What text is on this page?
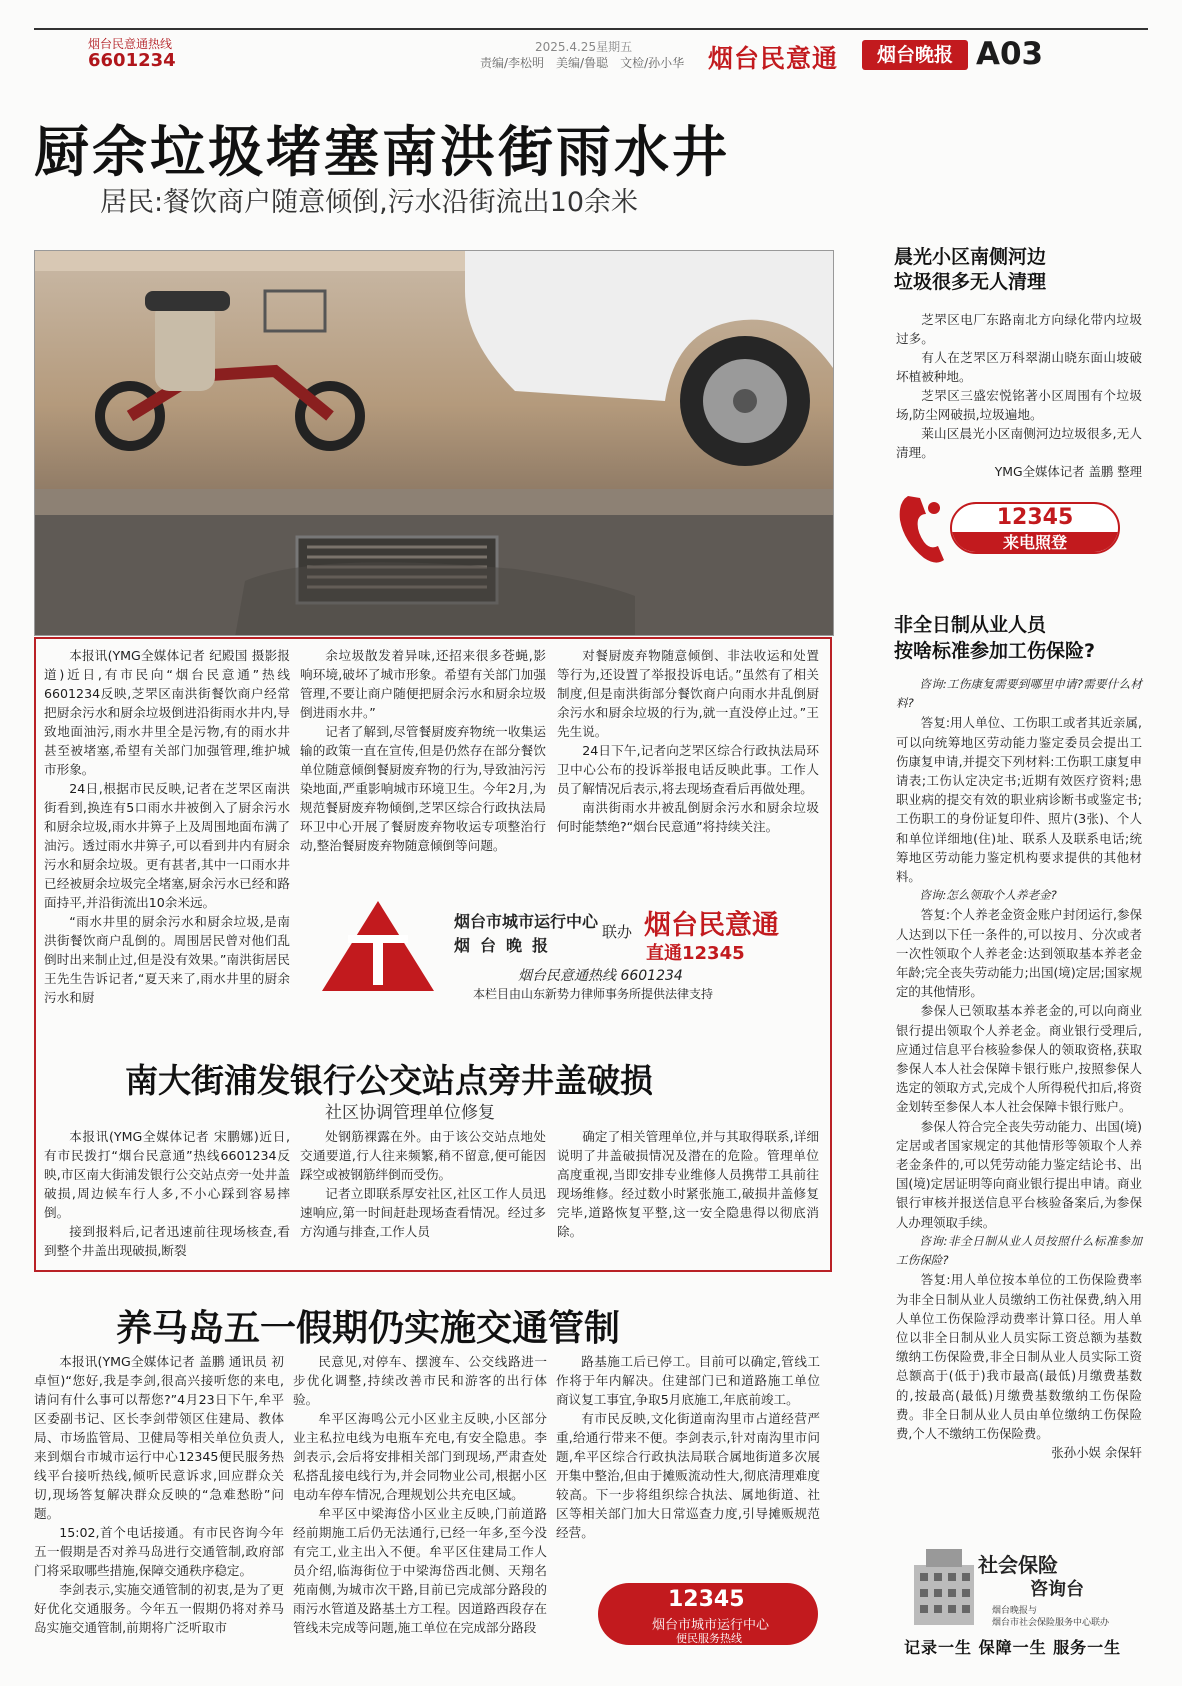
烟台民意通热线
6601234
2025.4.25星期五
责编/李松明　美编/鲁聪　文检/孙小华 烟台民意通	烟台晚报 A03
厨余垃圾堵塞南洪街雨水井
居民:餐饮商户随意倾倒,污水沿街流出10余米

本报讯(YMG全媒体记者 纪殿国 摄影报道)近日,有市民向“烟台民意通”热线6601234反映,芝罘区南洪街餐饮商户经常把厨余污水和厨余垃圾倒进沿街雨水井内,导致地面油污,雨水井里全是污物,有的雨水井甚至被堵塞,希望有关部门加强管理,维护城市形象。

24日,根据市民反映,记者在芝罘区南洪街看到,换连有5口雨水井被倒入了厨余污水和厨余垃圾,雨水井箅子上及周围地面布满了油污。透过雨水井箅子,可以看到井内有厨余污水和厨余垃圾。更有甚者,其中一口雨水井已经被厨余垃圾完全堵塞,厨余污水已经和路面持平,并沿街流出10余米远。

“雨水井里的厨余污水和厨余垃圾,是南洪街餐饮商户乱倒的。周围居民曾对他们乱倒时出来制止过,但是没有效果。”南洪街居民王先生告诉记者,“夏天来了,雨水井里的厨余污水和厨

余垃圾散发着异味,还招来很多苍蝇,影响环境,破坏了城市形象。希望有关部门加强管理,不要让商户随便把厨余污水和厨余垃圾倒进雨水井。”

记者了解到,尽管餐厨废弃物统一收集运输的政策一直在宣传,但是仍然存在部分餐饮单位随意倾倒餐厨废弃物的行为,导致油污污染地面,严重影响城市环境卫生。今年2月,为规范餐厨废弃物倾倒,芝罘区综合行政执法局环卫中心开展了餐厨废弃物收运专项整治行动,整治餐厨废弃物随意倾倒等问题。

对餐厨废弃物随意倾倒、非法收运和处置等行为,还设置了举报投诉电话。”虽然有了相关制度,但是南洪街部分餐饮商户向雨水井乱倒厨余污水和厨余垃圾的行为,就一直没停止过。”王先生说。

24日下午,记者向芝罘区综合行政执法局环卫中心公布的投诉举报电话反映此事。工作人员了解情况后表示,将去现场查看后再做处理。

南洪街雨水井被乱倒厨余污水和厨余垃圾何时能禁绝?“烟台民意通”将持续关注。

烟台市城市运行中心
烟台晚报
联办 烟台民意通
直通12345
烟台民意通热线 6601234
本栏目由山东新势力律师事务所提供法律支持
南大街浦发银行公交站点旁井盖破损
社区协调管理单位修复

本报讯(YMG全媒体记者 宋鹏娜)近日,有市民拨打“烟台民意通”热线6601234反映,市区南大街浦发银行公交站点旁一处井盖破损,周边候车行人多,不小心踩到容易摔倒。

接到报料后,记者迅速前往现场核查,看到整个井盖出现破损,断裂

处钢筋裸露在外。由于该公交站点地处交通要道,行人往来频繁,稍不留意,便可能因踩空或被钢筋绊倒而受伤。

记者立即联系厚安社区,社区工作人员迅速响应,第一时间赶赴现场查看情况。经过多方沟通与排查,工作人员

确定了相关管理单位,并与其取得联系,详细说明了井盖破损情况及潜在的危险。管理单位高度重视,当即安排专业维修人员携带工具前往现场维修。经过数小时紧张施工,破损井盖修复完毕,道路恢复平整,这一安全隐患得以彻底消除。

养马岛五一假期仍实施交通管制

本报讯(YMG全媒体记者 盖鹏 通讯员 初卓恒)“您好,我是李剑,很高兴接听您的来电,请问有什么事可以帮您?”4月23日下午,牟平区委副书记、区长李剑带领区住建局、教体局、市场监管局、卫健局等相关单位负责人,来到烟台市城市运行中心12345便民服务热线平台接听热线,倾听民意诉求,回应群众关切,现场答复解决群众反映的“急难愁盼”问题。

15:02,首个电话接通。有市民咨询今年五一假期是否对养马岛进行交通管制,政府部门将采取哪些措施,保障交通秩序稳定。

李剑表示,实施交通管制的初衷,是为了更好优化交通服务。今年五一假期仍将对养马岛实施交通管制,前期将广泛听取市

民意见,对停车、摆渡车、公交线路进一步优化调整,持续改善市民和游客的出行体验。

牟平区海鸣公元小区业主反映,小区部分业主私拉电线为电瓶车充电,有安全隐患。李剑表示,会后将安排相关部门到现场,严肃查处私搭乱接电线行为,并会同物业公司,根据小区电动车停车情况,合理规划公共充电区域。

牟平区中梁海岱小区业主反映,门前道路经前期施工后仍无法通行,已经一年多,至今没有完工,业主出入不便。牟平区住建局工作人员介绍,临海街位于中梁海岱西北侧、天翔名苑南侧,为城市次干路,目前已完成部分路段的雨污水管道及路基土方工程。因道路西段存在管线未完成等问题,施工单位在完成部分路段

路基施工后已停工。目前可以确定,管线工作将于年内解决。住建部门已和道路施工单位商议复工事宜,争取5月底施工,年底前竣工。

有市民反映,文化街道南沟里市占道经营严重,给通行带来不便。李剑表示,针对南沟里市问题,牟平区综合行政执法局联合属地街道多次展开集中整治,但由于摊贩流动性大,彻底清理难度较高。下一步将组织综合执法、属地街道、社区等相关部门加大日常巡查力度,引导摊贩规范经营。

12345
烟台市城市运行中心
便民服务热线
晨光小区南侧河边
垃圾很多无人清理

芝罘区电厂东路南北方向绿化带内垃圾过多。

有人在芝罘区万科翠湖山晓东面山坡破坏植被种地。

芝罘区三盛宏悦铭著小区周围有个垃圾场,防尘网破损,垃圾遍地。

莱山区晨光小区南侧河边垃圾很多,无人清理。

YMG全媒体记者 盖鹏 整理

12345
来电照登
非全日制从业人员
按啥标准参加工伤保险?

咨询:工伤康复需要到哪里申请?需要什么材料?

答复:用人单位、工伤职工或者其近亲属,可以向统筹地区劳动能力鉴定委员会提出工伤康复申请,并提交下列材料:工伤职工康复申请表;工伤认定决定书;近期有效医疗资料;患职业病的提交有效的职业病诊断书或鉴定书;工伤职工的身份证复印件、照片(3张)、个人和单位详细地(住)址、联系人及联系电话;统筹地区劳动能力鉴定机构要求提供的其他材料。

咨询:怎么领取个人养老金?

答复:个人养老金资金账户封闭运行,参保人达到以下任一条件的,可以按月、分次或者一次性领取个人养老金:达到领取基本养老金年龄;完全丧失劳动能力;出国(境)定居;国家规定的其他情形。

参保人已领取基本养老金的,可以向商业银行提出领取个人养老金。商业银行受理后,应通过信息平台核验参保人的领取资格,获取参保人本人社会保障卡银行账户,按照参保人选定的领取方式,完成个人所得税代扣后,将资金划转至参保人本人社会保障卡银行账户。

参保人符合完全丧失劳动能力、出国(境)定居或者国家规定的其他情形等领取个人养老金条件的,可以凭劳动能力鉴定结论书、出国(境)定居证明等向商业银行提出申请。商业银行审核并报送信息平台核验备案后,为参保人办理领取手续。

咨询:非全日制从业人员按照什么标准参加工伤保险?

答复:用人单位按本单位的工伤保险费率为非全日制从业人员缴纳工伤社保费,纳入用人单位工伤保险浮动费率计算口径。用人单位以非全日制从业人员实际工资总额为基数缴纳工伤保险费,非全日制从业人员实际工资总额高于(低于)我市最高(最低)月缴费基数的,按最高(最低)月缴费基数缴纳工伤保险费。非全日制从业人员由单位缴纳工伤保险费,个人不缴纳工伤保险费。

张孙小娱 余保轩

社会保险
咨询台
烟台晚报与
烟台市社会保险服务中心联办
记录一生 保障一生 服务一生
